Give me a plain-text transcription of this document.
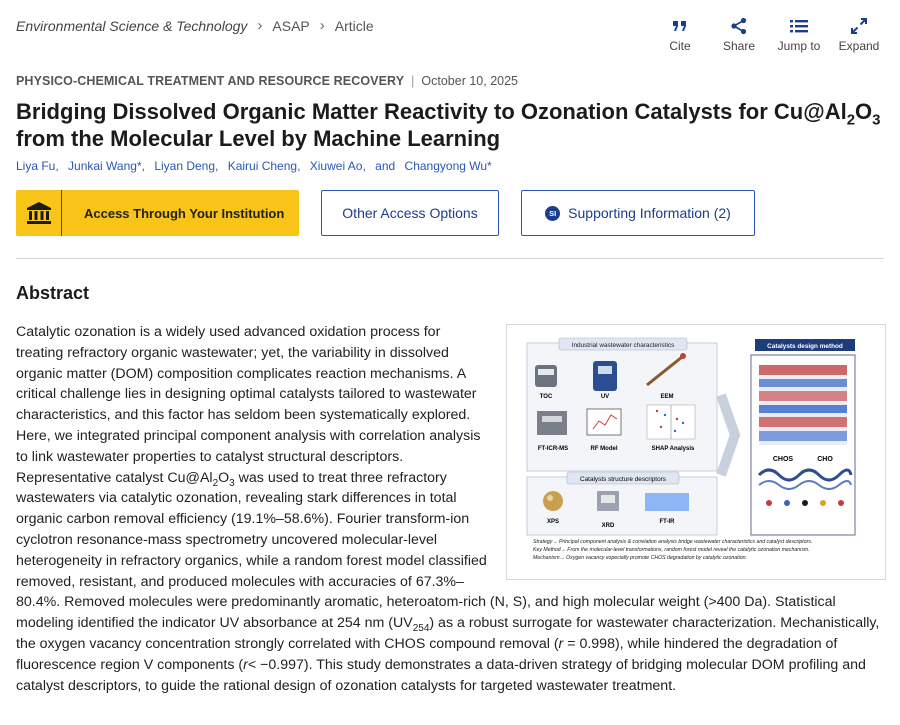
Environmental Science & Technology › ASAP › Article
Cite	Share	Jump to	Expand
PHYSICO-CHEMICAL TREATMENT AND RESOURCE RECOVERY | October 10, 2025
Bridging Dissolved Organic Matter Reactivity to Ozonation Catalysts for $Cu@Al_2O_3$ from the Molecular Level by Machine Learning
Liya Fu, Junkai Wang*, Liyan Deng, Kairui Cheng, Xiuwei Ao, and Changyong Wu*
Access Through Your Institution	Other Access Options	SI Supporting Information (2)
Abstract

Industrial wastewater characteristics
TOC	UV	EEM
FT-ICR-MS	RF Model	SHAP Analysis
Catalysts structure descriptors
XPS
XRD
FT-IR
Catalysts design method
CHOS	CHO
Strategy→ Principal component analysis & correlation analysis bridge wastewater characteristics and catalyst descriptors.
Key Method→ From the molecular-level transformations, random forest model reveal the catalytic ozonation mechanism.
Mechanism→ Oxygen vacancy especially promote CHOS degradation by catalytic ozonation.
Catalytic ozonation is a widely used advanced oxidation process for treating refractory organic wastewater; yet, the variability in dissolved organic matter (DOM) composition complicates reaction mechanisms. A critical challenge lies in designing optimal catalysts tailored to wastewater characteristics, and this factor has seldom been systematically explored. Here, we integrated principal component analysis with correlation analysis to link wastewater properties to catalyst structural descriptors. Representative catalyst $Cu@Al_2O_3$ was used to treat three refractory wastewaters via catalytic ozonation, revealing stark differences in total organic carbon removal efficiency (19.1%–58.6%). Fourier transform-ion cyclotron resonance-mass spectrometry uncovered molecular-level heterogeneity in refractory organics, while a random forest model classified removed, resistant, and produced molecules with accuracies of 67.3%–80.4%. Removed molecules were predominantly aromatic, heteroatom-rich (N, S), and high molecular weight (>400 Da). Statistical modeling identified the indicator UV absorbance at 254 nm $(UV_{254})$ as a robust surrogate for wastewater characterization. Mechanistically, the oxygen vacancy concentration strongly correlated with CHOS compound removal (r = 0.998), while hindered the degradation of fluorescence region V components (r< −0.997). This study demonstrates a data-driven strategy of bridging molecular DOM profiling and catalyst descriptors, to guide the rational design of ozonation catalysts for targeted wastewater treatment.
